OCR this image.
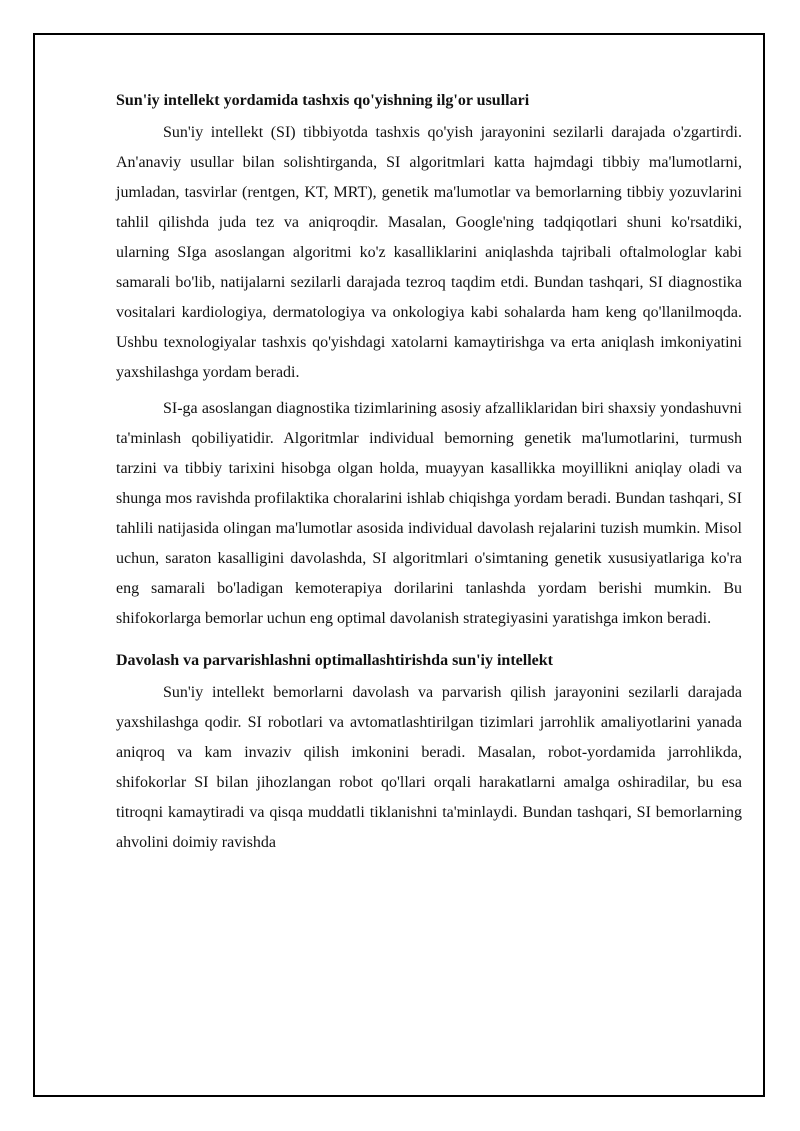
Sun'iy intellekt yordamida tashxis qo'yishning ilg'or usullari

Sun'iy intellekt (SI) tibbiyotda tashxis qo'yish jarayonini sezilarli darajada o'zgartirdi. An'anaviy usullar bilan solishtirganda, SI algoritmlari katta hajmdagi tibbiy ma'lumotlarni, jumladan, tasvirlar (rentgen, KT, MRT), genetik ma'lumotlar va bemorlarning tibbiy yozuvlarini tahlil qilishda juda tez va aniqroqdir. Masalan, Google'ning tadqiqotlari shuni ko'rsatdiki, ularning SIga asoslangan algoritmi ko'z kasalliklarini aniqlashda tajribali oftalmologlar kabi samarali bo'lib, natijalarni sezilarli darajada tezroq taqdim etdi. Bundan tashqari, SI diagnostika vositalari kardiologiya, dermatologiya va onkologiya kabi sohalarda ham keng qo'llanilmoqda. Ushbu texnologiyalar tashxis qo'yishdagi xatolarni kamaytirishga va erta aniqlash imkoniyatini yaxshilashga yordam beradi.

SI-ga asoslangan diagnostika tizimlarining asosiy afzalliklaridan biri shaxsiy yondashuvni ta'minlash qobiliyatidir. Algoritmlar individual bemorning genetik ma'lumotlarini, turmush tarzini va tibbiy tarixini hisobga olgan holda, muayyan kasallikka moyillikni aniqlay oladi va shunga mos ravishda profilaktika choralarini ishlab chiqishga yordam beradi. Bundan tashqari, SI tahlili natijasida olingan ma'lumotlar asosida individual davolash rejalarini tuzish mumkin. Misol uchun, saraton kasalligini davolashda, SI algoritmlari o'simtaning genetik xususiyatlariga ko'ra eng samarali bo'ladigan kemoterapiya dorilarini tanlashda yordam berishi mumkin. Bu shifokorlarga bemorlar uchun eng optimal davolanish strategiyasini yaratishga imkon beradi.

Davolash va parvarishlashni optimallashtirishda sun'iy intellekt

Sun'iy intellekt bemorlarni davolash va parvarish qilish jarayonini sezilarli darajada yaxshilashga qodir. SI robotlari va avtomatlashtirilgan tizimlari jarrohlik amaliyotlarini yanada aniqroq va kam invaziv qilish imkonini beradi. Masalan, robot-yordamida jarrohlikda, shifokorlar SI bilan jihozlangan robot qo'llari orqali harakatlarni amalga oshiradilar, bu esa titroqni kamaytiradi va qisqa muddatli tiklanishni ta'minlaydi. Bundan tashqari, SI bemorlarning ahvolini doimiy ravishda
